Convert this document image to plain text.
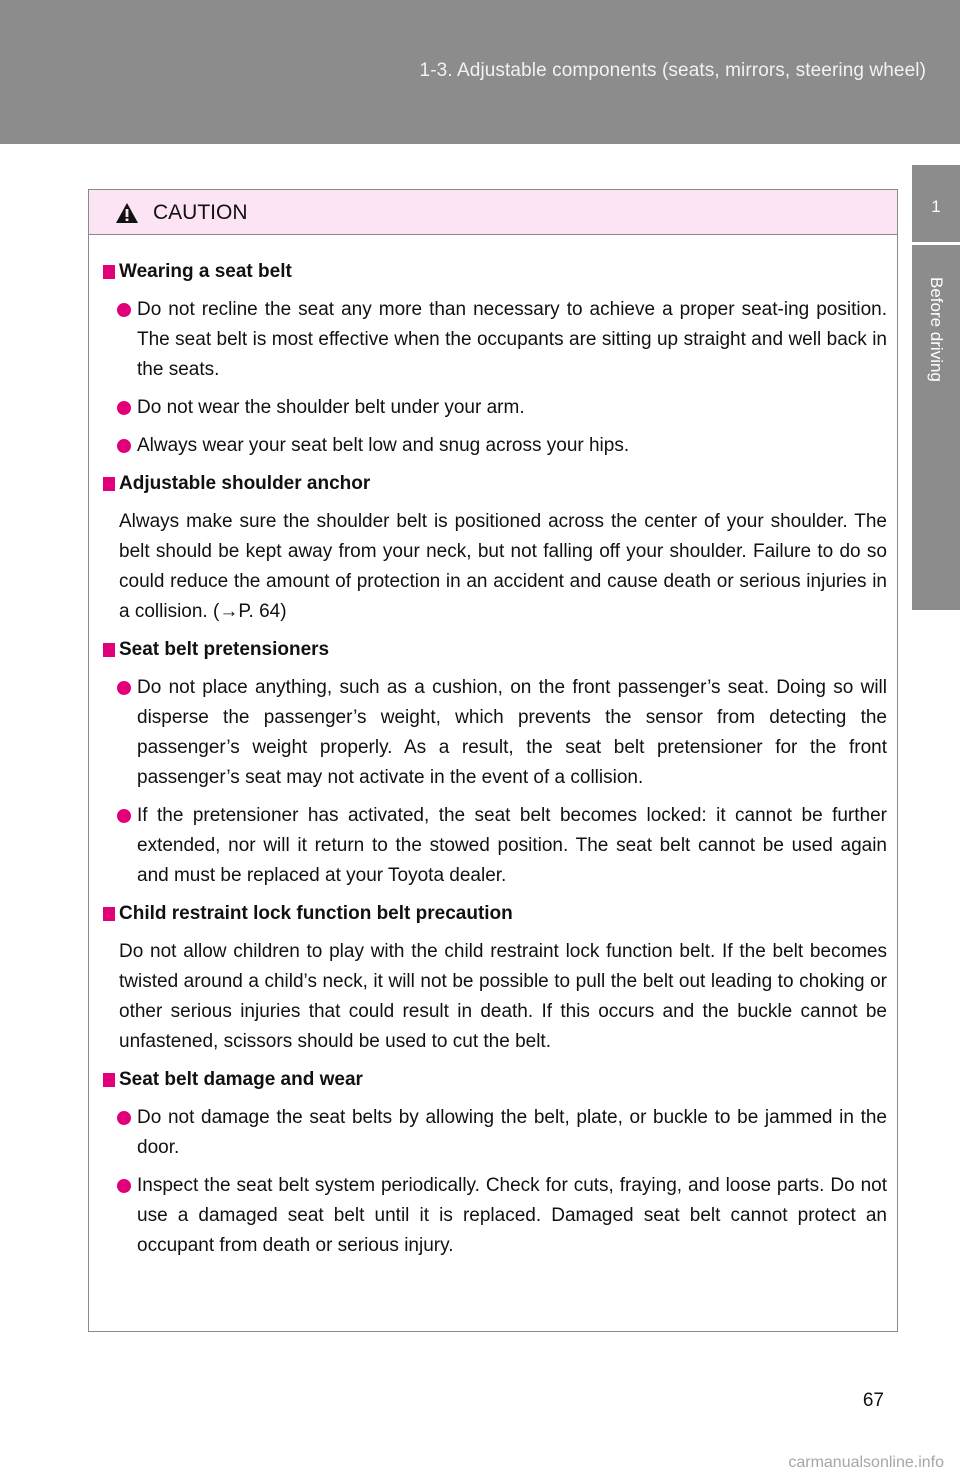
1-3. Adjustable components (seats, mirrors, steering wheel)
1
Before driving
CAUTION
Wearing a seat belt
Do not recline the seat any more than necessary to achieve a proper seat-ing position. The seat belt is most effective when the occupants are sitting up straight and well back in the seats.
Do not wear the shoulder belt under your arm.
Always wear your seat belt low and snug across your hips.
Adjustable shoulder anchor
Always make sure the shoulder belt is positioned across the center of your shoulder. The belt should be kept away from your neck, but not falling off your shoulder. Failure to do so could reduce the amount of protection in an accident and cause death or serious injuries in a collision. (→P. 64)
Seat belt pretensioners
Do not place anything, such as a cushion, on the front passenger’s seat. Doing so will disperse the passenger’s weight, which prevents the sensor from detecting the passenger’s weight properly. As a result, the seat belt pretensioner for the front passenger’s seat may not activate in the event of a collision.
If the pretensioner has activated, the seat belt becomes locked: it cannot be further extended, nor will it return to the stowed position. The seat belt cannot be used again and must be replaced at your Toyota dealer.
Child restraint lock function belt precaution
Do not allow children to play with the child restraint lock function belt. If the belt becomes twisted around a child’s neck, it will not be possible to pull the belt out leading to choking or other serious injuries that could result in death. If this occurs and the buckle cannot be unfastened, scissors should be used to cut the belt.
Seat belt damage and wear
Do not damage the seat belts by allowing the belt, plate, or buckle to be jammed in the door.
Inspect the seat belt system periodically. Check for cuts, fraying, and loose parts. Do not use a damaged seat belt until it is replaced. Damaged seat belt cannot protect an occupant from death or serious injury.
67
carmanualsonline.info
